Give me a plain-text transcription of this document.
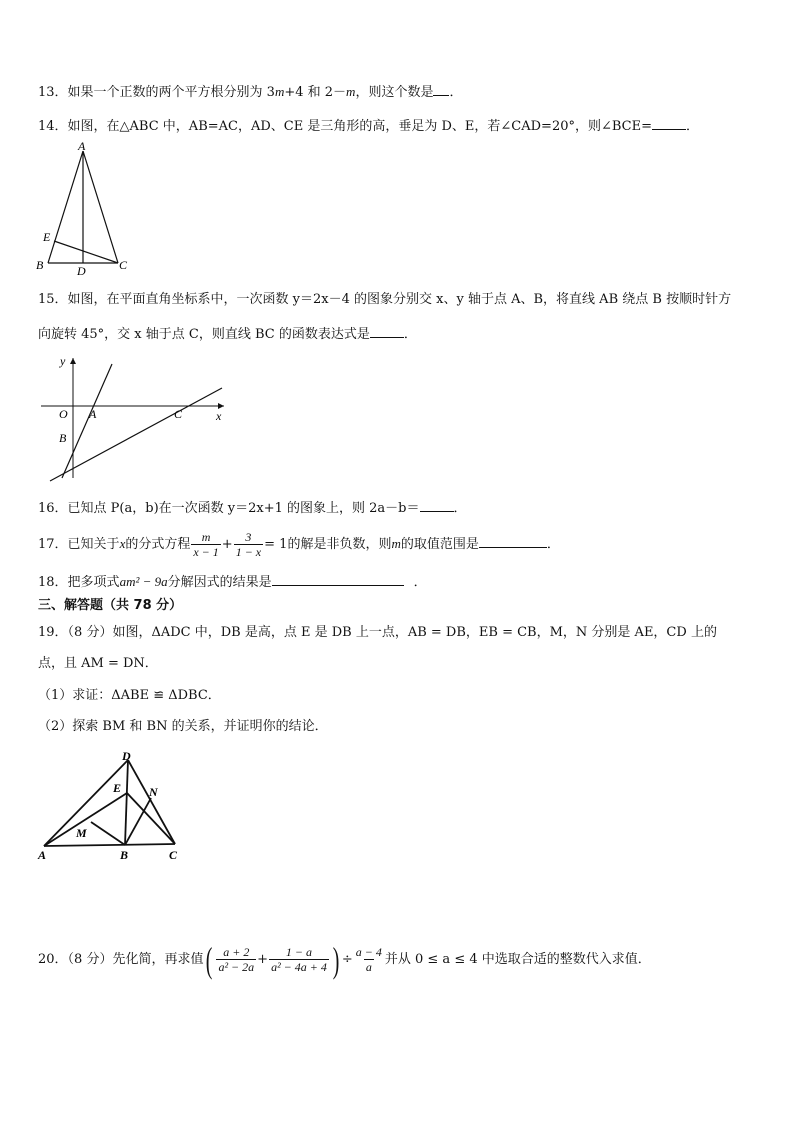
13．如果一个正数的两个平方根分别为 3m+4 和 2－m，则这个数是 ．
14．如图，在△ABC 中，AB=AC，AD、CE 是三角形的高，垂足为 D、E，若∠CAD=20°，则∠BCE=	．
A
E
B	D	C
15．如图，在平面直角坐标系中，一次函数 y＝2x－4 的图象分别交 x、y 轴于点 A、B，将直线 AB 绕点 B 按顺时针方
向旋转 45°，交 x 轴于点 C，则直线 BC 的函数表达式是	．
y
x
O A	C
B
16．已知点 P(a，b)在一次函数 y＝2x+1 的图象上，则 2a－b＝	．
17．已知关于x的分式方程 $\frac{m}{x - 1} + \frac{3}{1 - x} = 1$的解是非负数，则m的取值范围是	．
18．把多项式am² − 9a分解因式的结果是	．
三、解答题（共 78 分）
19．（8 分）如图，ΔADC 中，DB 是高，点 E 是 DB 上一点，AB = DB，EB = CB，M，N 分别是 AE，CD 上的
点，且 AM = DN．
（1）求证：ΔABE ≌ ΔDBC．
（2）探索 BM 和 BN 的关系，并证明你的结论．
D
E N
M
A	B	C
20．（8 分）先化简，再求值( $\frac{a + 2}{\text{a² − 2a}} + \frac{1 - a}{\text{a² − 4a + 4}}$ ) ÷ $\frac{a - 4}{a}$ 并从 0 ≤ a ≤ 4 中选取合适的整数代入求值．
